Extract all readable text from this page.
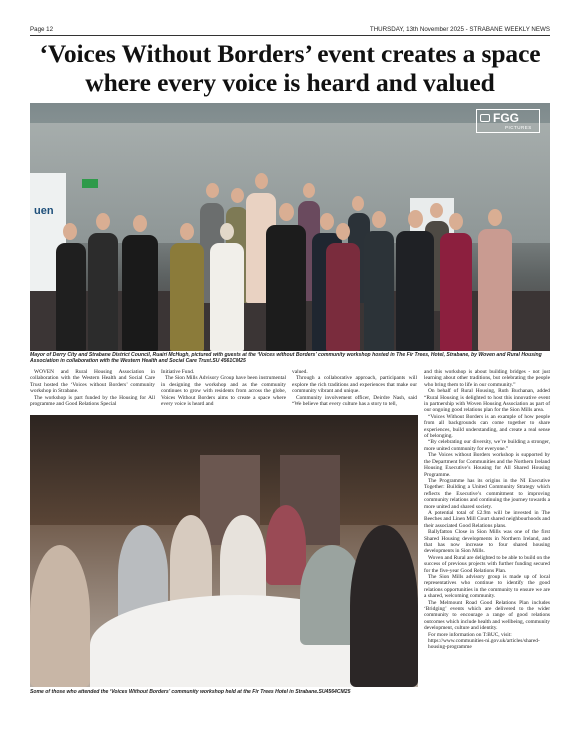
Page 12	THURSDAY, 13th November 2025 - STRABANE WEEKLY NEWS
‘Voices Without Borders’ event creates a space where every voice is heard and valued
uen
FGG
PICTURES

Mayor of Derry City and Strabane District Council, Ruairí McHugh, pictured with guests at the ‘Voices without Borders’ community workshop hosted in The Fir Trees, Hotel, Strabane, by Woven and Rural Housing Association in collaboration with the Western Health and Social Care Trust.SU 4561CM25

Some of those who attended the ‘Voices Without Borders’ community workshop held at the Fir Trees Hotel in Strabane.SU4564CM25

WOVEN and Rural Housing Association in collaboration with the Western Health and Social Care Trust hosted the ‘Voices without Borders’ community workshop in Strabane.

The workshop is part funded by the Housing for All programme and Good Relations Special

Initiative Fund.

The Sion Mills Advisory Group have been instrumental in designing the workshop and as the community continues to grow with residents from across the globe, Voices Without Borders aims to create a space where every voice is heard and

valued.

Through a collaborative approach, participants will explore the rich traditions and experiences that make our community vibrant and unique.

Community involvement officer, Deirdre Nash, said “We believe that every culture has a story to tell,

and this workshop is about building bridges - not just learning about other traditions, but celebrating the people who bring them to life in our community.”

On behalf of Rural Housing, Ruth Buchanan, added “Rural Housing is delighted to host this innovative event in partnership with Woven Housing Association as part of our ongoing good relations plan for the Sion Mills area.

“Voices Without Borders is an example of how people from all backgrounds can come together to share experiences, build understanding, and create a real sense of belonging.

“By celebrating our diversity, we’re building a stronger, more united community for everyone.”

The Voices without Borders workshop is supported by the Department for Communities and the Northern Ireland Housing Executive’s Housing for All Shared Housing Programme.

The Programme has its origins in the NI Executive Together: Building a United Community Strategy which reflects the Executive’s commitment to improving community relations and continuing the journey towards a more united and shared society.

A potential total of £2.9m will be invested in The Beeches and Linen Mill Court shared neighbourhoods and their associated Good Relations plans.

Ballyfatton Close in Sion Mills was one of the first Shared Housing developments in Northern Ireland, and that has now increase to four shared housing developments in Sion Mills.

Woven and Rural are delighted to be able to build on the success of previous projects with further funding secured for the five-year Good Relations Plan.

The Sion Mills advisory group is made up of local representatives who continue to identify the good relations opportunities in the community to ensure we are a shared, welcoming community.

The Melmount Road Good Relations Plan includes ‘Bridging’ events which are delivered to the wider community to encourage a range of good relations outcomes which include health and wellbeing, community development, culture and identity.

For more information on T:BUC, visit:

https://www.communities-ni.gov.uk/articles/shared-housing-programme
